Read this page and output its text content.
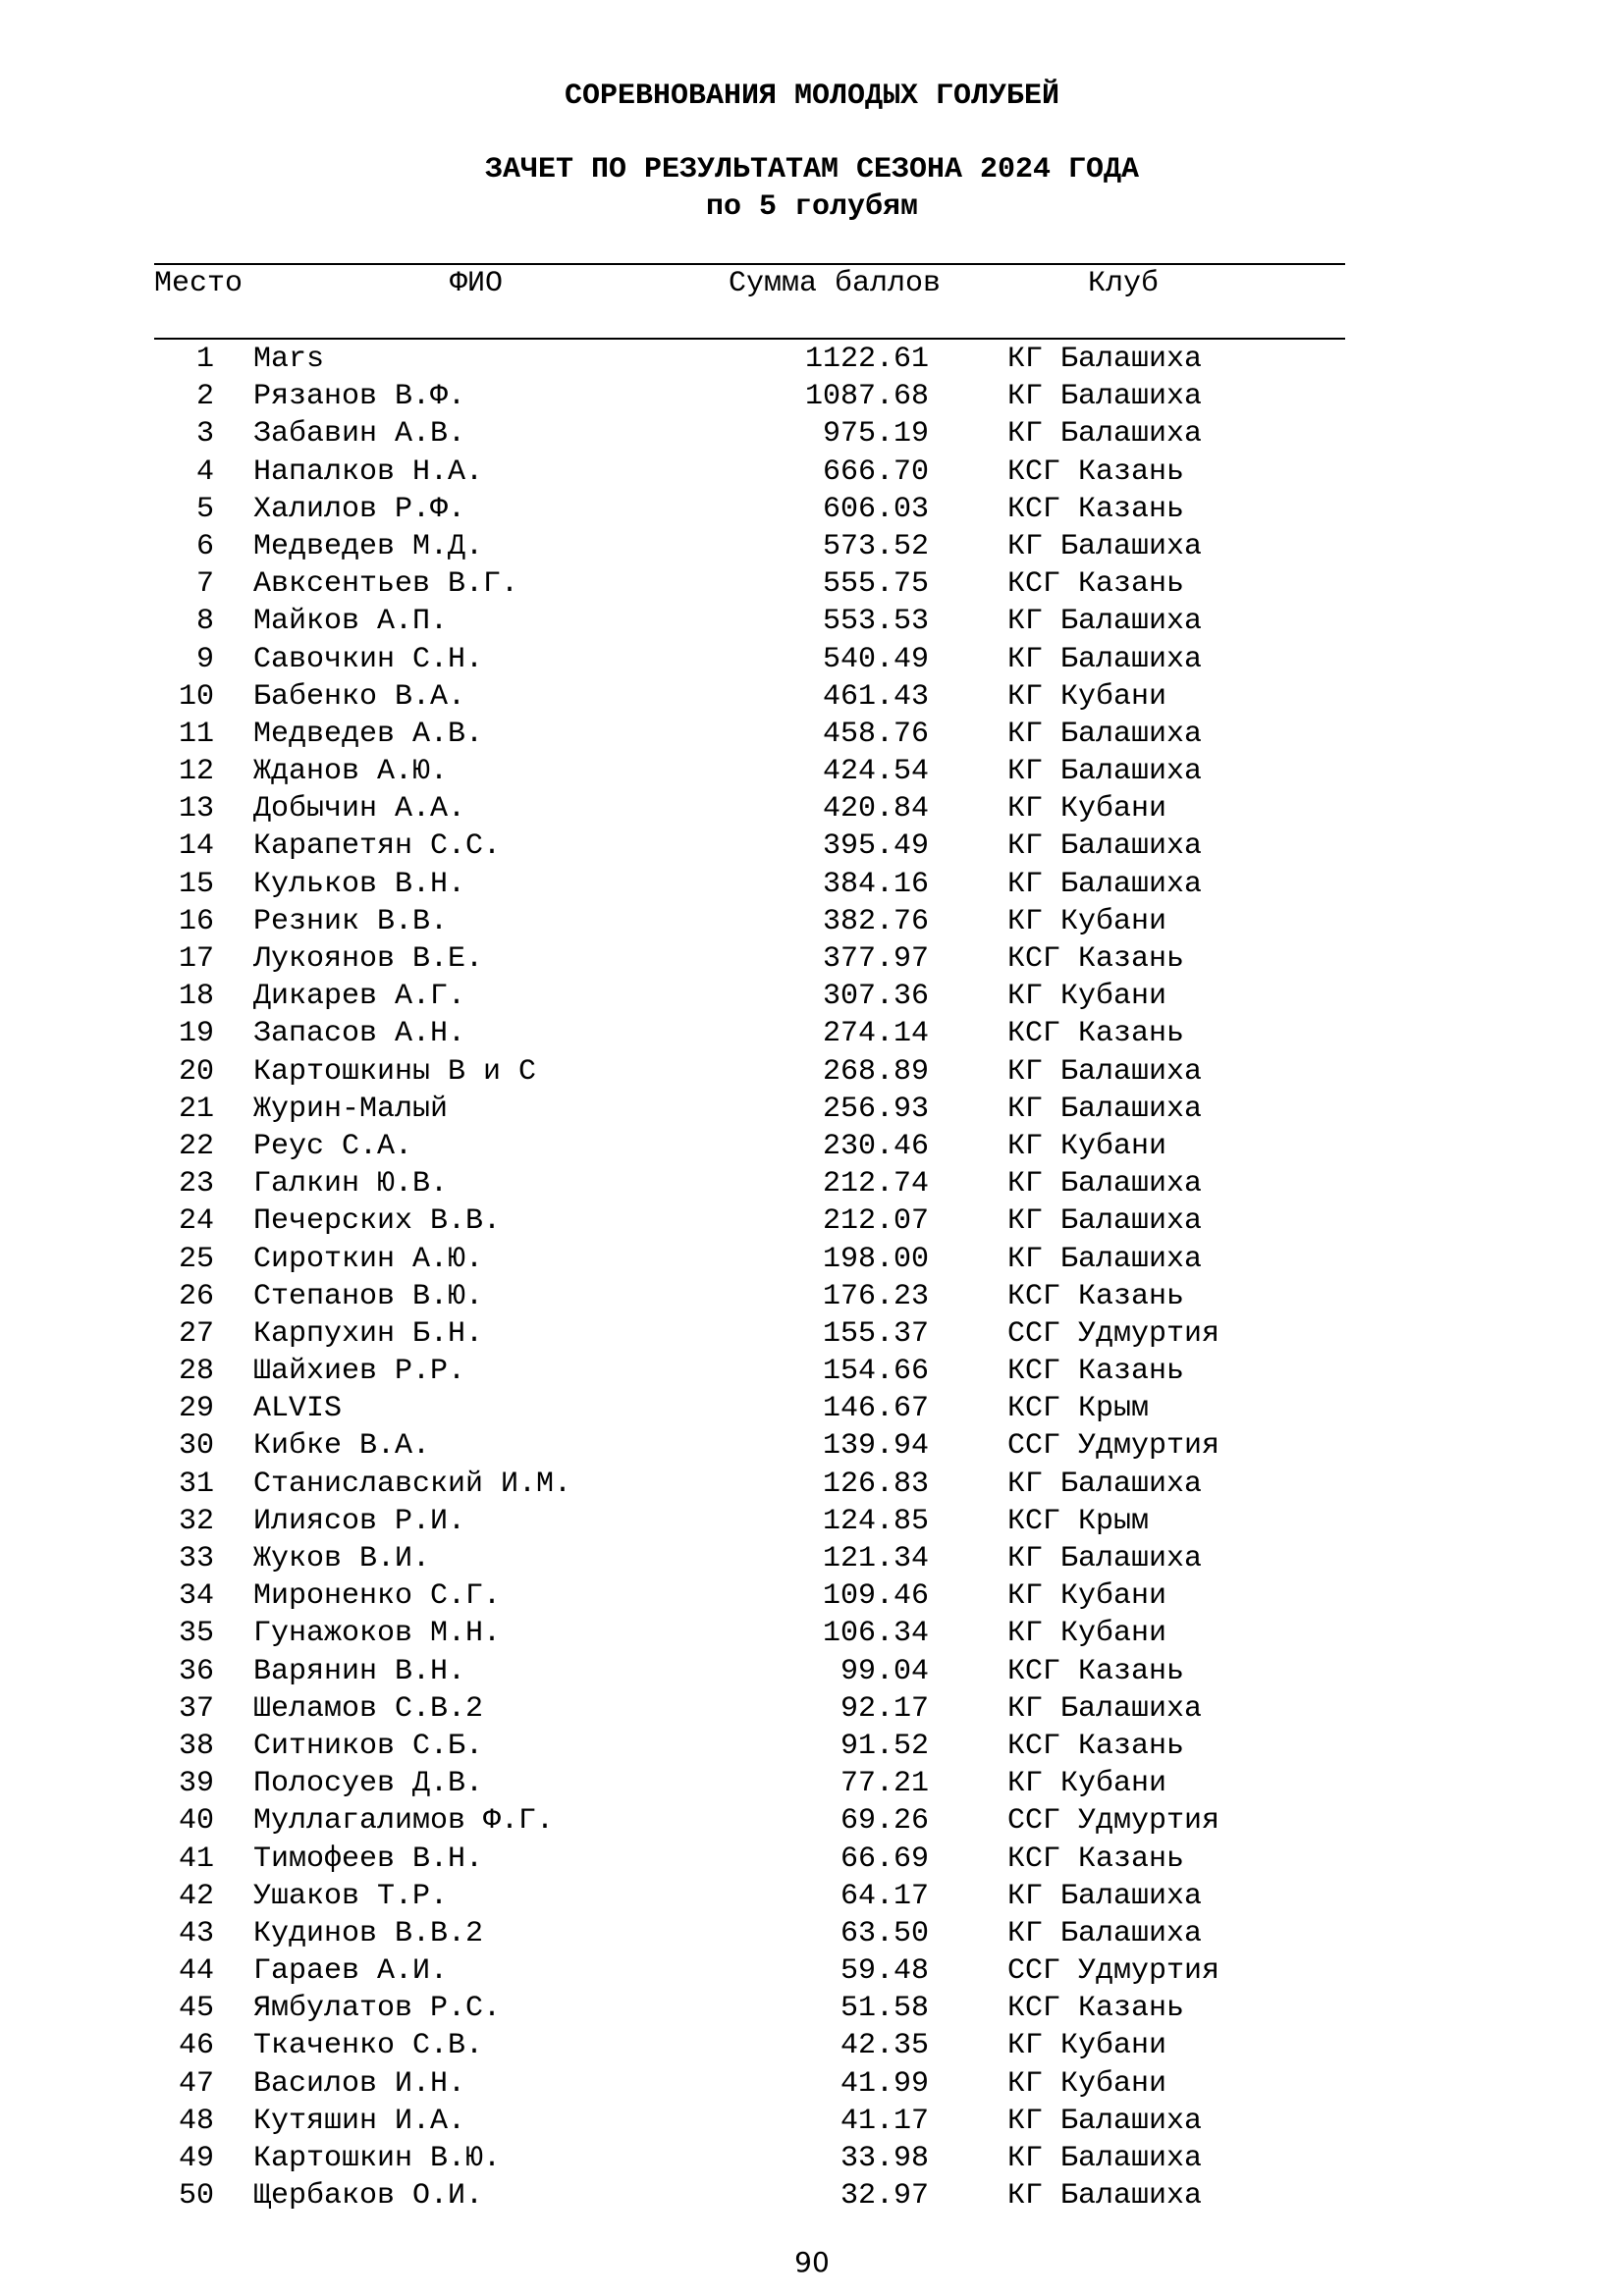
СОРЕВНОВАНИЯ МОЛОДЫХ ГОЛУБЕЙ
ЗАЧЕТ ПО РЕЗУЛЬТАТАМ СЕЗОНА 2024 ГОДА
по 5 голубям
Место	ФИО	Сумма баллов	Клуб
1 Mars	1122.61	КГ Балашиха
2 Рязанов В.Ф.	1087.68	КГ Балашиха
3 Забавин А.В.	975.19	КГ Балашиха
4 Напалков Н.А.	666.70	КСГ Казань
5 Халилов Р.Ф.	606.03	КСГ Казань
6 Медведев М.Д.	573.52	КГ Балашиха
7 Авксентьев В.Г.	555.75	КСГ Казань
8 Майков А.П.	553.53	КГ Балашиха
9 Савочкин С.Н.	540.49	КГ Балашиха
10 Бабенко В.А.	461.43	КГ Кубани
11 Медведев А.В.	458.76	КГ Балашиха
12 Жданов А.Ю.	424.54	КГ Балашиха
13 Добычин А.А.	420.84	КГ Кубани
14 Карапетян С.С.	395.49	КГ Балашиха
15 Кульков В.Н.	384.16	КГ Балашиха
16 Резник В.В.	382.76	КГ Кубани
17 Лукоянов В.Е.	377.97	КСГ Казань
18 Дикарев А.Г.	307.36	КГ Кубани
19 Запасов А.Н.	274.14	КСГ Казань
20 Картошкины В и С	268.89	КГ Балашиха
21 Журин-Малый	256.93	КГ Балашиха
22 Реус С.А.	230.46	КГ Кубани
23 Галкин Ю.В.	212.74	КГ Балашиха
24 Печерских В.В.	212.07	КГ Балашиха
25 Сироткин А.Ю.	198.00	КГ Балашиха
26 Степанов В.Ю.	176.23	КСГ Казань
27 Карпухин Б.Н.	155.37	ССГ Удмуртия
28 Шайхиев Р.Р.	154.66	КСГ Казань
29 ALVIS	146.67	КСГ Крым
30 Кибке В.А.	139.94	ССГ Удмуртия
31 Станиславский И.М.	126.83	КГ Балашиха
32 Илиясов Р.И.	124.85	КСГ Крым
33 Жуков В.И.	121.34	КГ Балашиха
34 Мироненко С.Г.	109.46	КГ Кубани
35 Гунажоков М.Н.	106.34	КГ Кубани
36 Варянин В.Н.	99.04	КСГ Казань
37 Шеламов С.В.2	92.17	КГ Балашиха
38 Ситников С.Б.	91.52	КСГ Казань
39 Полосуев Д.В.	77.21	КГ Кубани
40 Муллагалимов Ф.Г.	69.26	ССГ Удмуртия
41 Тимофеев В.Н.	66.69	КСГ Казань
42 Ушаков Т.Р.	64.17	КГ Балашиха
43 Кудинов В.В.2	63.50	КГ Балашиха
44 Гараев А.И.	59.48	ССГ Удмуртия
45 Ямбулатов Р.С.	51.58	КСГ Казань
46 Ткаченко С.В.	42.35	КГ Кубани
47 Василов И.Н.	41.99	КГ Кубани
48 Кутяшин И.А.	41.17	КГ Балашиха
49 Картошкин В.Ю.	33.98	КГ Балашиха
50 Щербаков О.И.	32.97	КГ Балашиха
90
